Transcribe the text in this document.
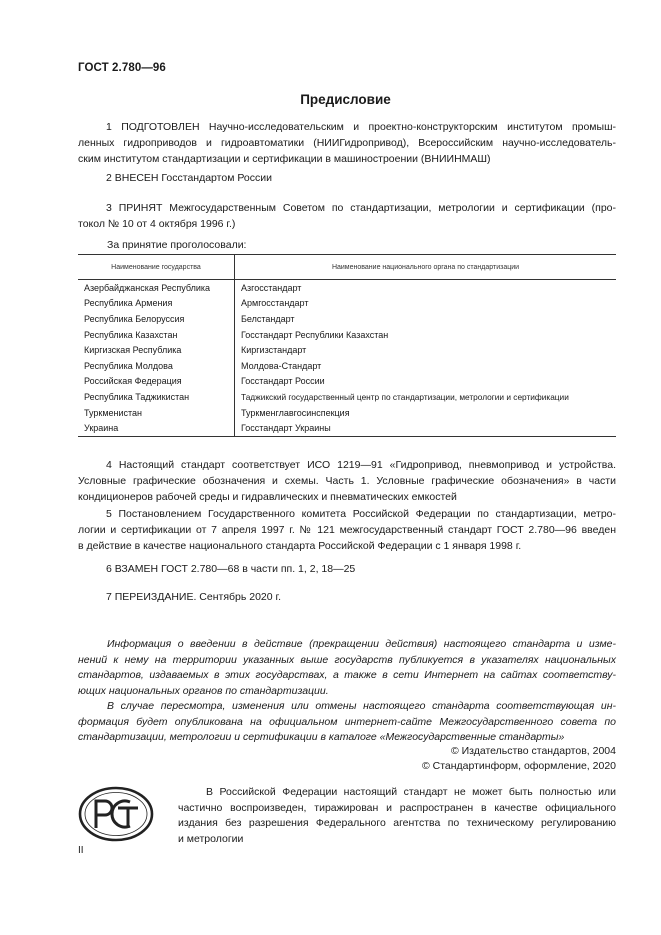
ГОСТ 2.780—96
Предисловие
1 ПОДГОТОВЛЕН Научно-исследовательским и проектно-конструкторским институтом промыш-
ленных гидроприводов и гидроавтоматики (НИИГидропривод), Всероссийским научно-исследователь-
ским институтом стандартизации и сертификации в машиностроении (ВНИИНМАШ)
2 ВНЕСЕН Госстандартом России
3 ПРИНЯТ Межгосударственным Советом по стандартизации, метрологии и сертификации (про-
токол № 10 от 4 октября 1996 г.)
За принятие проголосовали:
Наименование государства	Наименование национального органа по стандартизации
Азербайджанская Республика	Азгосстандарт
Республика Армения	Армгосстандарт
Республика Белоруссия	Белстандарт
Республика Казахстан	Госстандарт Республики Казахстан
Киргизская Республика	Киргизстандарт
Республика Молдова	Молдова-Стандарт
Российская Федерация	Госстандарт России
Республика Таджикистан	Таджикский государственный центр по стандартизации, метрологии и сертификации
Туркменистан	Туркменглавгосинспекция
Украина	Госстандарт Украины
4 Настоящий стандарт соответствует ИСО 1219—91 «Гидропривод, пневмопривод и устройства.
Условные графические обозначения и схемы. Часть 1. Условные графические обозначения» в части
кондиционеров рабочей среды и гидравлических и пневматических емкостей
5 Постановлением Государственного комитета Российской Федерации по стандартизации, метро-
логии и сертификации от 7 апреля 1997 г. № 121 межгосударственный стандарт ГОСТ 2.780—96 введен
в действие в качестве национального стандарта Российской Федерации с 1 января 1998 г.
6 ВЗАМЕН ГОСТ 2.780—68 в части пп. 1, 2, 18—25
7 ПЕРЕИЗДАНИЕ. Сентябрь 2020 г.
Информация о введении в действие (прекращении действия) настоящего стандарта и изме-
нений к нему на территории указанных выше государств публикуется в указателях национальных
стандартов, издаваемых в этих государствах, а также в сети Интернет на сайтах соответству-
ющих национальных органов по стандартизации.
В случае пересмотра, изменения или отмены настоящего стандарта соответствующая ин-
формация будет опубликована на официальном интернет-сайте Межгосударственного совета по
стандартизации, метрологии и сертификации в каталоге «Межгосударственные стандарты»
© Издательство стандартов, 2004
© Стандартинформ, оформление, 2020
В Российской Федерации настоящий стандарт не может быть полностью или
частично воспроизведен, тиражирован и распространен в качестве официального
издания без разрешения Федерального агентства по техническому регулированию
и метрологии
II
